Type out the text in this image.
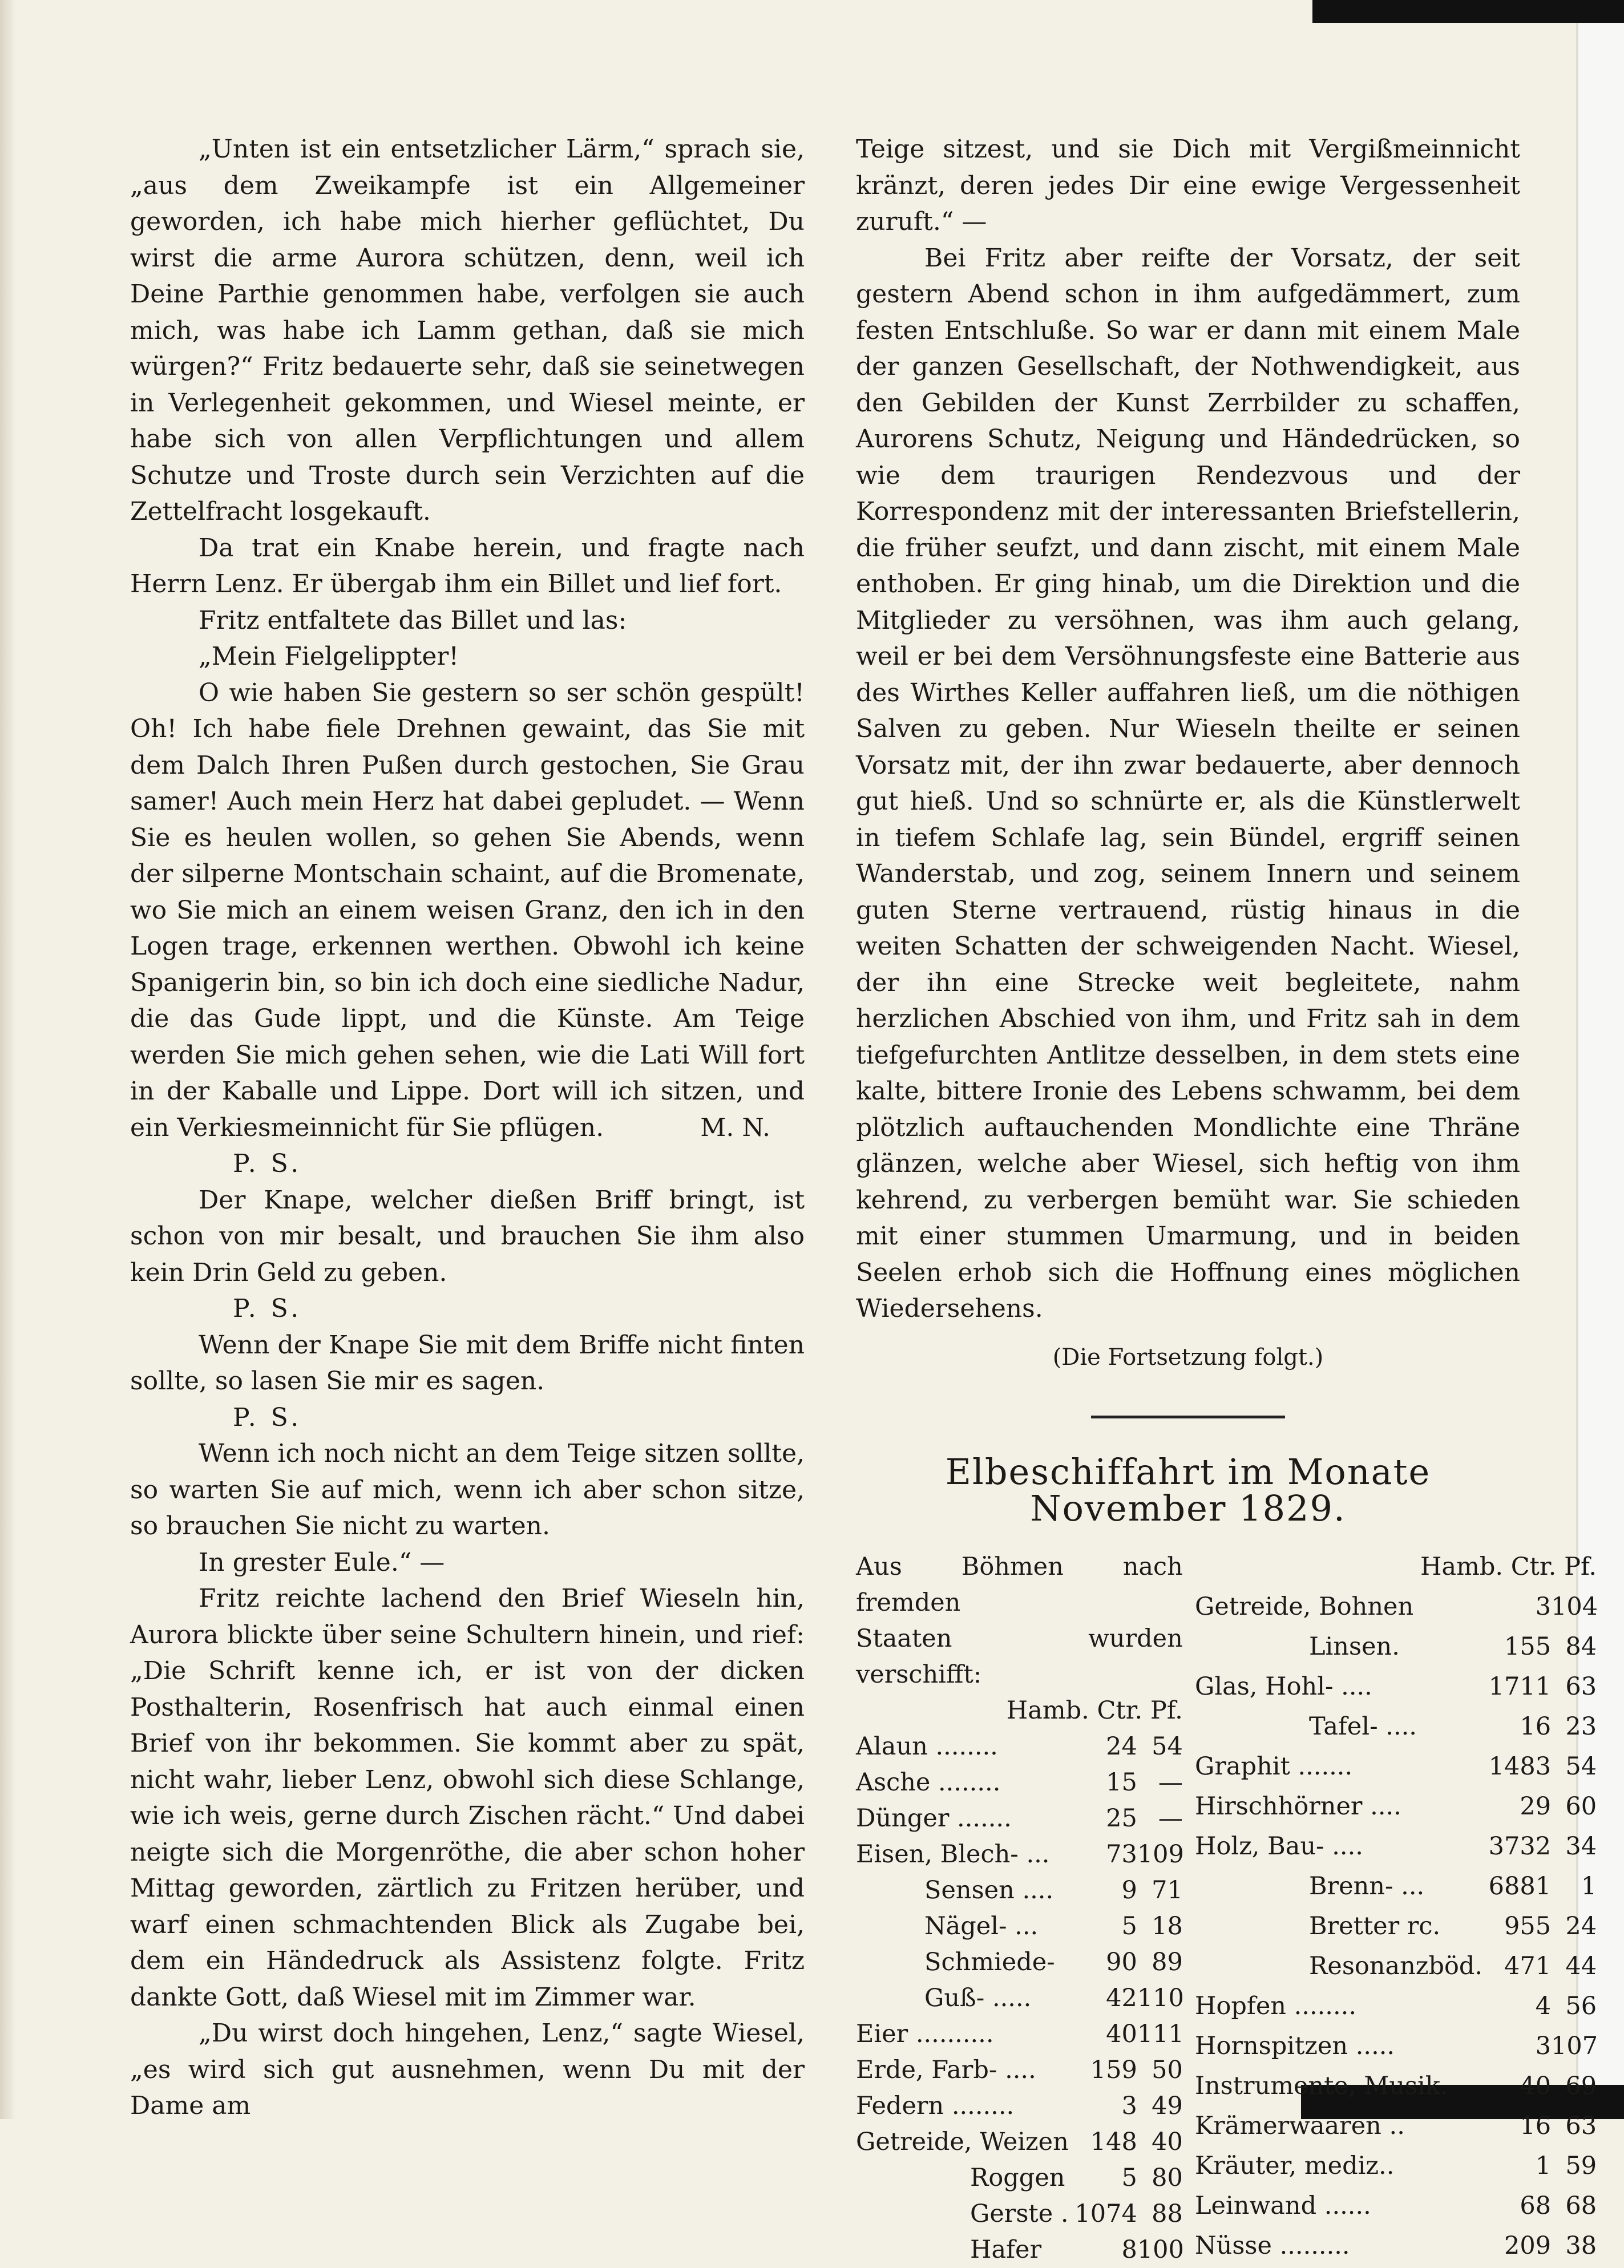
„Unten ist ein entsetzlicher Lärm,“ sprach sie, „aus dem Zweikampfe ist ein Allgemeiner geworden, ich habe mich hierher geflüchtet, Du wirst die arme Aurora schützen, denn, weil ich Deine Parthie genommen habe, verfolgen sie auch mich, was habe ich Lamm gethan, daß sie mich würgen?“ Fritz bedauerte sehr, daß sie seinetwegen in Verlegenheit gekommen, und Wiesel meinte, er habe sich von allen Verpflichtungen und allem Schutze und Troste durch sein Verzichten auf die Zettelfracht losgekauft.

Da trat ein Knabe herein, und fragte nach Herrn Lenz. Er übergab ihm ein Billet und lief fort.

Fritz entfaltete das Billet und las:

„Mein Fielgelippter!

O wie haben Sie gestern so ser schön gespült! Oh! Ich habe fiele Drehnen gewaint, das Sie mit dem Dalch Ihren Pußen durch gestochen, Sie Grau samer! Auch mein Herz hat dabei gepludet. — Wenn Sie es heulen wollen, so gehen Sie Abends, wenn der silperne Montschain schaint, auf die Bromenate, wo Sie mich an einem weisen Granz, den ich in den Logen trage, erkennen werthen. Obwohl ich keine Spanigerin bin, so bin ich doch eine siedliche Nadur, die das Gude lippt, und die Künste. Am Teige werden Sie mich gehen sehen, wie die Lati Will fort in der Kaballe und Lippe. Dort will ich sitzen, und ein Verkiesmeinnicht für Sie pflügen.	M. N.

P. S.

Der Knape, welcher dießen Briff bringt, ist schon von mir besalt, und brauchen Sie ihm also kein Drin Geld zu geben.

P. S.

Wenn der Knape Sie mit dem Briffe nicht finten sollte, so lasen Sie mir es sagen.

P. S.

Wenn ich noch nicht an dem Teige sitzen sollte, so warten Sie auf mich, wenn ich aber schon sitze, so brauchen Sie nicht zu warten.

In grester Eule.“ —

Fritz reichte lachend den Brief Wieseln hin, Aurora blickte über seine Schultern hinein, und rief: „Die Schrift kenne ich, er ist von der dicken Posthalterin, Rosenfrisch hat auch einmal einen Brief von ihr bekommen. Sie kommt aber zu spät, nicht wahr, lieber Lenz, obwohl sich diese Schlange, wie ich weis, gerne durch Zischen rächt.“ Und dabei neigte sich die Morgenröthe, die aber schon hoher Mittag geworden, zärtlich zu Fritzen herüber, und warf einen schmachtenden Blick als Zugabe bei, dem ein Händedruck als Assistenz folgte. Fritz dankte Gott, daß Wiesel mit im Zimmer war.

„Du wirst doch hingehen, Lenz,“ sagte Wiesel, „es wird sich gut ausnehmen, wenn Du mit der Dame am

Teige sitzest, und sie Dich mit Vergißmeinnicht kränzt, deren jedes Dir eine ewige Vergessenheit zuruft.“ —

Bei Fritz aber reifte der Vorsatz, der seit gestern Abend schon in ihm aufgedämmert, zum festen Entschluße. So war er dann mit einem Male der ganzen Gesellschaft, der Nothwendigkeit, aus den Gebilden der Kunst Zerrbilder zu schaffen, Aurorens Schutz, Neigung und Händedrücken, so wie dem traurigen Rendezvous und der Korrespondenz mit der interessanten Briefstellerin, die früher seufzt, und dann zischt, mit einem Male enthoben. Er ging hinab, um die Direktion und die Mitglieder zu versöhnen, was ihm auch gelang, weil er bei dem Versöhnungsfeste eine Batterie aus des Wirthes Keller auffahren ließ, um die nöthigen Salven zu geben. Nur Wieseln theilte er seinen Vorsatz mit, der ihn zwar bedauerte, aber dennoch gut hieß. Und so schnürte er, als die Künstlerwelt in tiefem Schlafe lag, sein Bündel, ergriff seinen Wanderstab, und zog, seinem Innern und seinem guten Sterne vertrauend, rüstig hinaus in die weiten Schatten der schweigenden Nacht. Wiesel, der ihn eine Strecke weit begleitete, nahm herzlichen Abschied von ihm, und Fritz sah in dem tiefgefurchten Antlitze desselben, in dem stets eine kalte, bittere Ironie des Lebens schwamm, bei dem plötzlich auftauchenden Mondlichte eine Thräne glänzen, welche aber Wiesel, sich heftig von ihm kehrend, zu verbergen bemüht war. Sie schieden mit einer stummen Umarmung, und in beiden Seelen erhob sich die Hoffnung eines möglichen Wiedersehens.

(Die Fortsetzung folgt.)

Elbeschiffahrt im Monate November 1829.

Aus Böhmen nach fremden
Staaten wurden verschifft:
Hamb. Ctr. Pf.
Alaun ........	24 54
Asche ........	15 —
Dünger .......	25 —
Eisen, Blech- ...	73 109
Sensen ....	9 71
Nägel- ...	5 18
Schmiede-	90 89
Guß- .....	42 110
Eier ..........	40 111
Erde, Farb- ....	159 50
Federn ........	3 49
Getreide, Weizen 148 40
Roggen	5 80
Gerste . 1074 88
Hafer	8 100
Hamb. Ctr. Pf.
Getreide, Bohnen	3 104
Linsen.	155 84
Glas, Hohl- ....	1711 63
Tafel- ....	16 23
Graphit .......	1483 54
Hirschhörner ....	29 60
Holz, Bau- ....	3732 34
Brenn- ...	6881	1
Bretter rc.	955 24
Resonanzböd. 471 44
Hopfen ........	4 56
Hornspitzen .....	3 107
Instrumente, Musik.	40 69
Krämerwaaren ..	16 63
Kräuter, mediz..	1 59
Leinwand ......	68 68
Nüsse .........	209 38
